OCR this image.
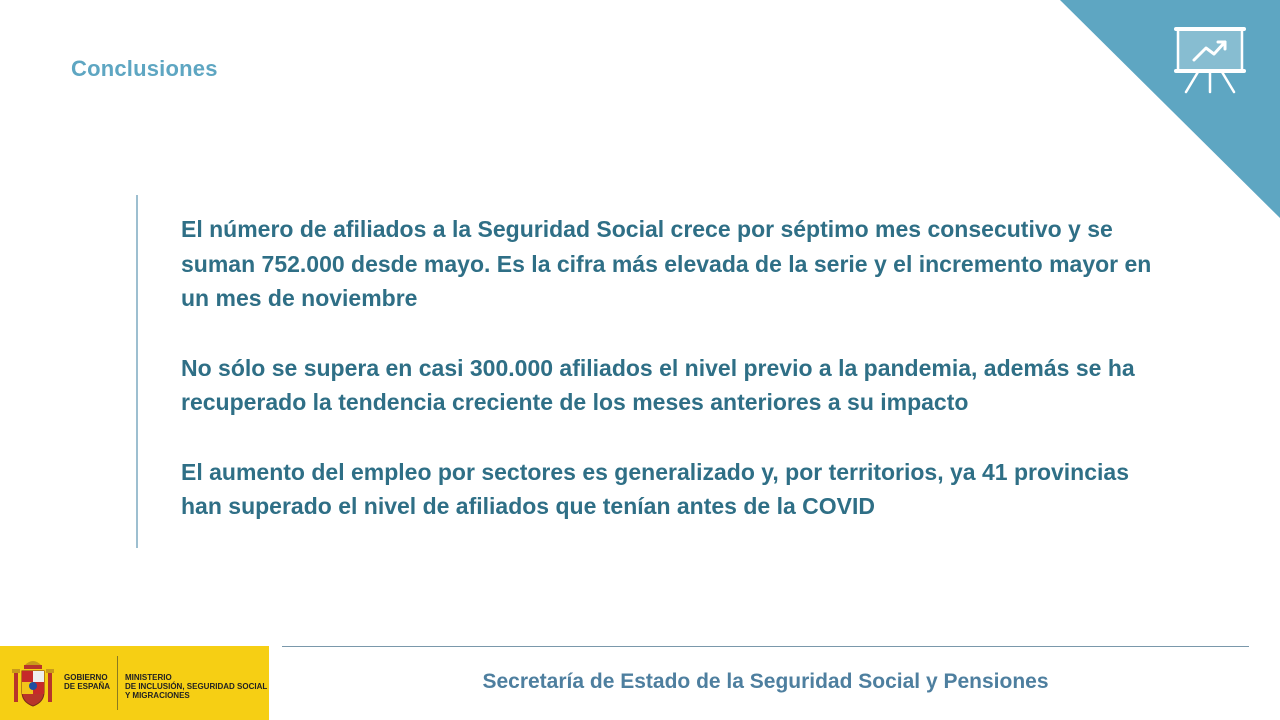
Conclusiones

El número de afiliados a la Seguridad Social crece por séptimo mes consecutivo y se suman 752.000 desde mayo. Es la cifra más elevada de la serie y el incremento mayor en un mes de noviembre

No sólo se supera en casi 300.000 afiliados el nivel previo a la pandemia, además se ha recuperado la tendencia creciente de los meses anteriores a su impacto

El aumento del empleo por sectores es generalizado y, por territorios, ya 41 provincias han superado el nivel de afiliados que tenían antes de la COVID

Secretaría de Estado de la Seguridad Social y Pensiones
GOBIERNO
DE ESPAÑA
MINISTERIO
DE INCLUSIÓN, SEGURIDAD SOCIAL
Y MIGRACIONES
